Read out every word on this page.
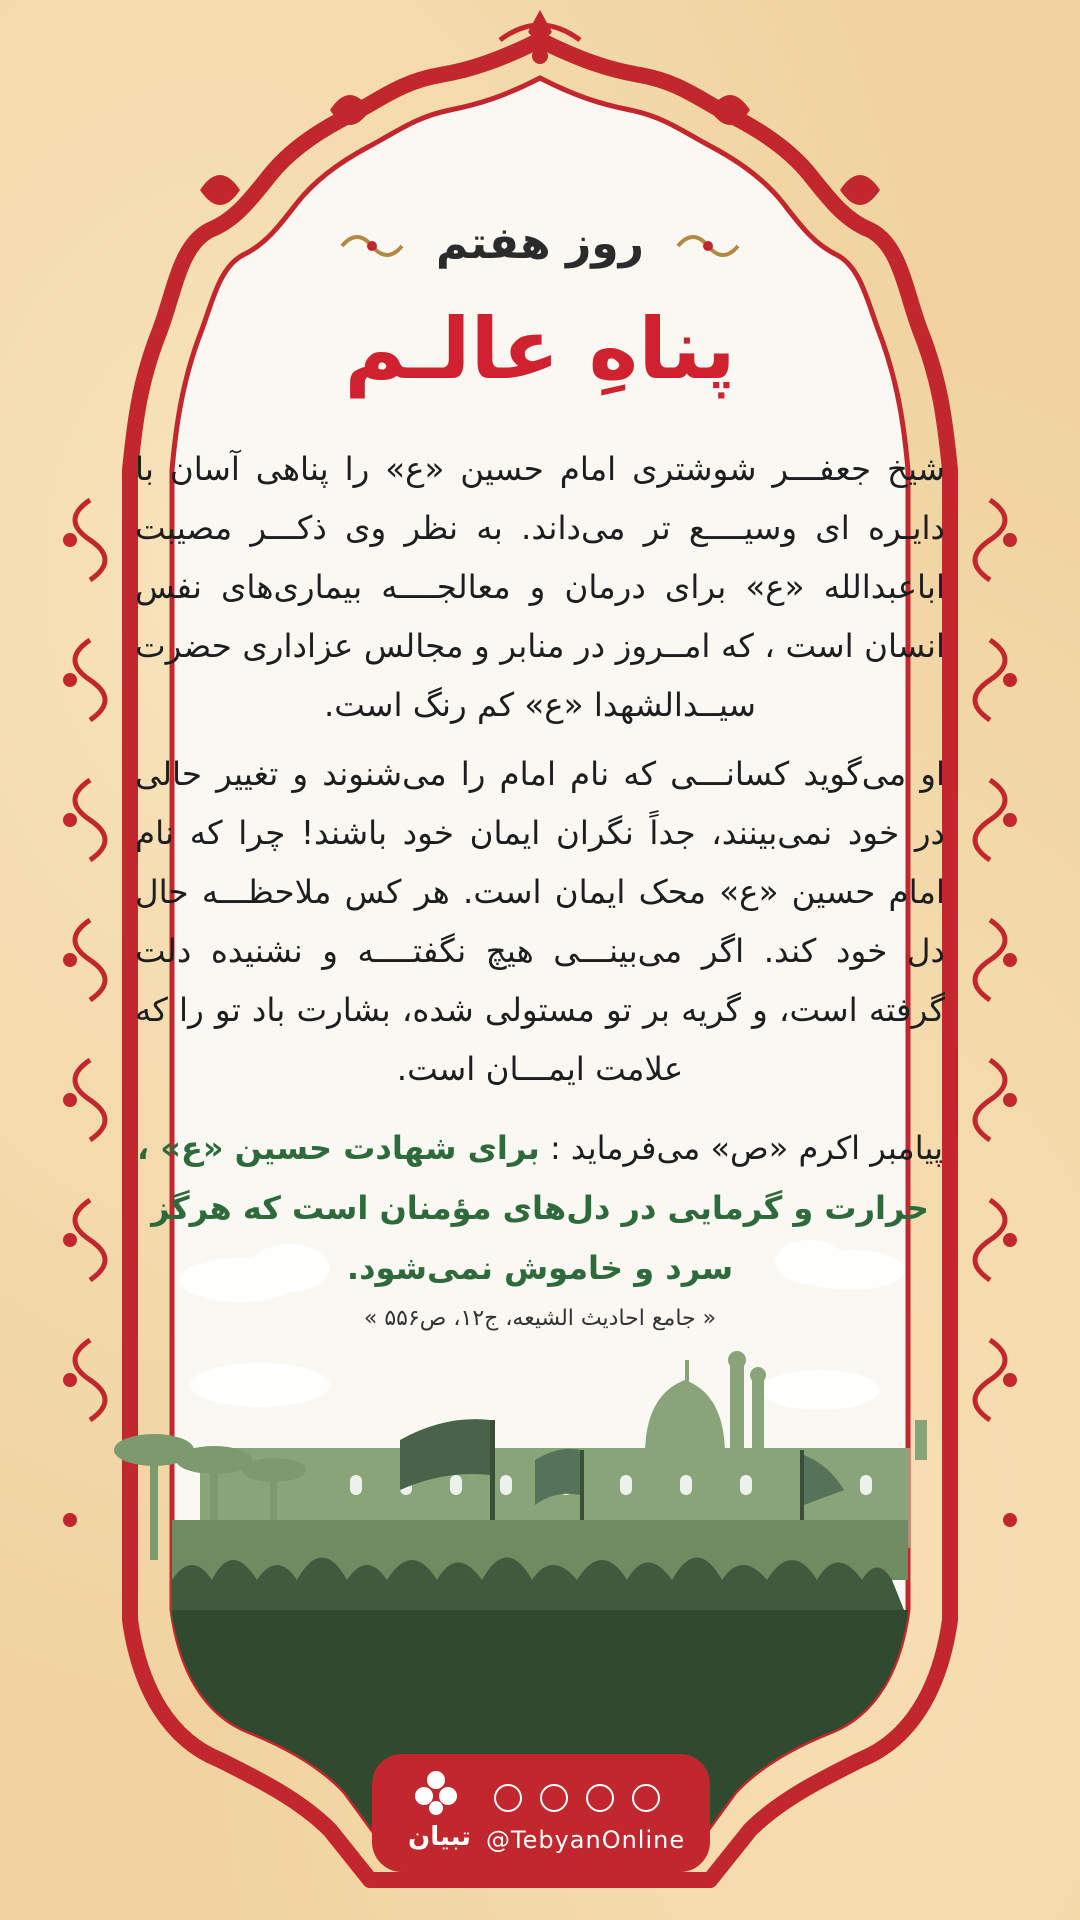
روز هفتم
پناهِ عالـم

شیخ جعفـــر شوشتری امام حسین «ع» را پناهی آسان با دایـره ای وسیــــع تر می‌داند. به نظر وی ذکـــر مصیبت اباعبدالله «ع» برای درمان و معالجــــه بیماری‌های نفس انسان است ، که امــروز در منابر و مجالس عزاداری حضرت سیــدالشهدا «ع» کم رنگ است.

او می‌گوید کسانـــی که نام امام را می‌شنوند و تغییر حالی در خود نمی‌بینند، جداً نگران ایمان خود باشند! چرا که نام امام حسین «ع» محک ایمان است. هر کس ملاحظـــه حال دل خود کند. اگر می‌بینـــی هیچ نگفتــــه و نشنیده دلت گرفته است، و گریه بر تو مستولی شده، بشارت باد تو را که علامت ایمـــان است.

پیامبر اکرم «ص» می‌فرماید : برای شهادت حسین «ع» ، حرارت و گرمایی در دل‌های مؤمنان است که هرگز سرد و خاموش نمی‌شود.
« جامع احادیث الشیعه، ج۱۲، ص۵۵۶ »
تبیان @TebyanOnline
